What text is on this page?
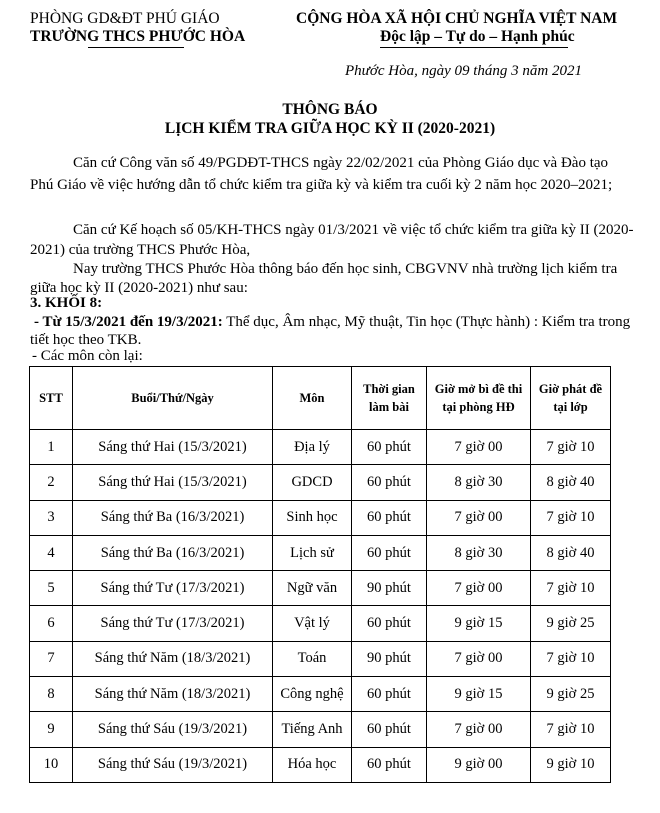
PHÒNG GD&ĐT PHÚ GIÁO
TRƯỜNG THCS PHƯỚC HÒA
CỘNG HÒA XÃ HỘI CHỦ NGHĨA VIỆT NAM
Độc lập – Tự do – Hạnh phúc
Phước Hòa, ngày 09 tháng 3 năm 2021
THÔNG BÁO
LỊCH KIỂM TRA GIỮA HỌC KỲ II (2020-2021)

Căn cứ Công văn số 49/PGDĐT-THCS ngày 22/02/2021 của Phòng Giáo dục và Đào tạo Phú Giáo về việc hướng dẫn tổ chức kiểm tra giữa kỳ và kiểm tra cuối kỳ 2 năm học 2020–2021;

Căn cứ Kế hoạch số 05/KH-THCS ngày 01/3/2021 về việc tổ chức kiểm tra giữa kỳ II (2020-2021) của trường THCS Phước Hòa,

Nay trường THCS Phước Hòa thông báo đến học sinh, CBGVNV nhà trường lịch kiểm tra giữa học kỳ II (2020-2021) như sau:

3. KHỐI 8:
- Từ 15/3/2021 đến 19/3/2021: Thể dục, Âm nhạc, Mỹ thuật, Tin học (Thực hành) : Kiểm tra trong tiết học theo TKB.
- Các môn còn lại:
STT	Buổi/Thứ/Ngày	Môn	Thời gian làm bài	Giờ mở bì đề thi tại phòng HĐ	Giờ phát đề tại lớp
1	Sáng thứ Hai (15/3/2021)	Địa lý	60 phút	7 giờ 00	7 giờ 10
2	Sáng thứ Hai (15/3/2021)	GDCD	60 phút	8 giờ 30	8 giờ 40
3	Sáng thứ Ba (16/3/2021)	Sinh học	60 phút	7 giờ 00	7 giờ 10
4	Sáng thứ Ba (16/3/2021)	Lịch sử	60 phút	8 giờ 30	8 giờ 40
5	Sáng thứ Tư (17/3/2021)	Ngữ văn	90 phút	7 giờ 00	7 giờ 10
6	Sáng thứ Tư (17/3/2021)	Vật lý	60 phút	9 giờ 15	9 giờ 25
7	Sáng thứ Năm (18/3/2021)	Toán	90 phút	7 giờ 00	7 giờ 10
8	Sáng thứ Năm (18/3/2021)	Công nghệ	60 phút	9 giờ 15	9 giờ 25
9	Sáng thứ Sáu (19/3/2021)	Tiếng Anh	60 phút	7 giờ 00	7 giờ 10
10	Sáng thứ Sáu (19/3/2021)	Hóa học	60 phút	9 giờ 00	9 giờ 10
